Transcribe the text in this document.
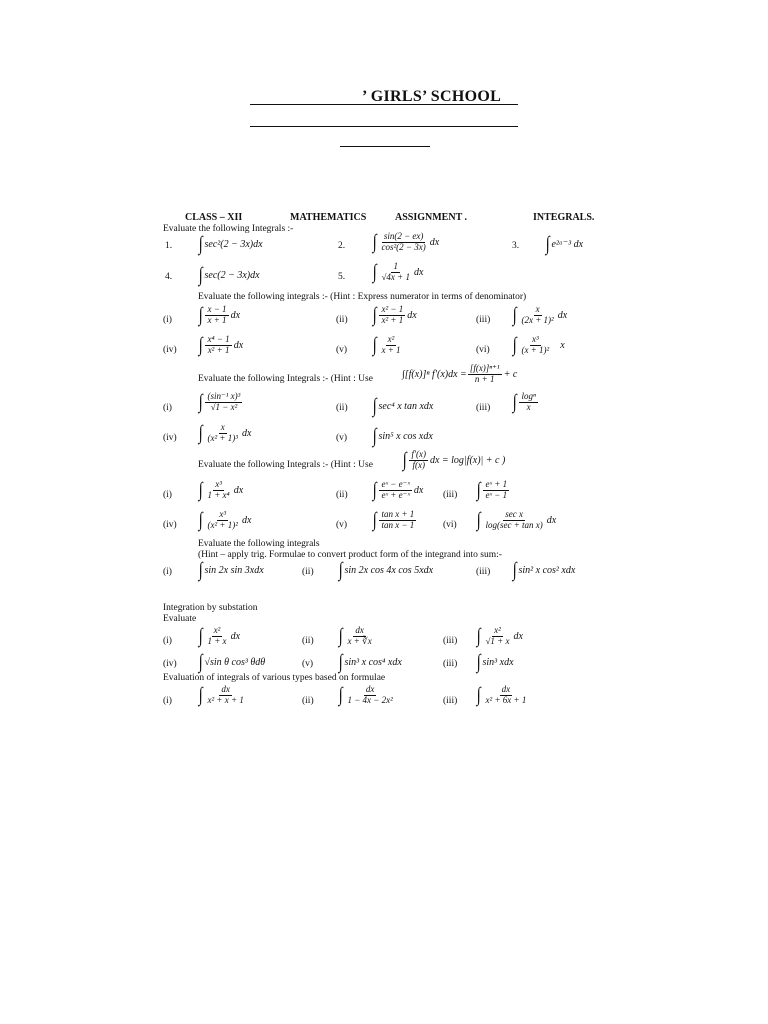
’ GIRLS’ SCHOOL
CLASS – XII	MATHEMATICS	ASSIGNMENT .	INTEGRALS.
Evaluate the following Integrals :-
1. ∫ sec²(2 − 3x)dx	2. ∫ $\frac{\sin(2 - ex)}{\text{cos²(2 − 3x)}}$ dx	3. ∫ e²ᵃ⁻³ dx
4. ∫ sec(2 − 3x)dx	5. ∫ $\frac{1}{√4x + 1}$ dx
Evaluate the following integrals :- (Hint : Express numerator in terms of denominator)
(i) ∫ $\frac{x - 1}{x + 1}$ dx	(ii) ∫ $\frac{\text{x² − 1}}{\text{x² + 1}}$ dx	(iii) ∫ $\frac{x}{\text{(2x + 1)²}}$ dx
(iv) ∫ $\frac{\text{x⁴ − 1}}{\text{x² + 1}}$ dx	(v) ∫ $\frac{\text{x²}}{x + 1}$	(vi) ∫ $\frac{\text{x³}}{\text{(x + 1)²}}$ x
Evaluate the following Integrals :- (Hint : Use	∫[f(x)]ⁿ $f'(x)dx = \frac{\text{[f(x)]ⁿ⁺¹}}{n + 1} + c$
(i) ∫ $\frac{\text{(sin⁻¹ x)³}}{\text{√1 − x²}}$	(ii) ∫ sec⁴ x tan xdx	(iii) ∫ $\frac{\text{logⁿ}}{x}$
(iv) ∫ $\frac{x}{\text{(x² + 1)³}}$ dx	(v) ∫ sin⁵ x cos xdx
Evaluate the following Integrals :- (Hint : Use ∫ $\frac{f'(x)}{f(x)}$ dx = log|f(x)| + c )
(i) ∫ $\frac{\text{x³}}{\text{1 + x⁴}}$ dx	(ii) ∫ $\frac{\text{eˣ − e⁻ˣ}}{\text{eˣ + e⁻ˣ}}$ dx (iii) ∫ $\frac{\text{eˣ + 1}}{\text{eˣ − 1}}$
(iv) ∫ $\frac{\text{x³}}{\text{(x² + 1)²}}$ dx	(v) ∫ $\frac{\text{tan x + 1}}{\text{tan x − 1}}$	(vi) ∫ $\frac{\text{sec x}}{\text{log(sec + tan x)}}$ dx
Evaluate the following integrals
(Hint – apply trig. Formulae to convert product form of the integrand into sum:-
(i) ∫ sin 2x sin 3xdx	(ii) ∫ sin 2x cos 4x cos 5xdx	(iii) ∫ sin² x cos² xdx
Integration by substation
Evaluate
(i) ∫ $\frac{\text{x²}}{1 + x}$ dx	(ii) ∫ $\frac{dx}{x + ∛x}$	(iii) ∫ $\frac{\text{x²}}{√1 + x}$ dx
(iv) ∫ √sin θ cos³ θdθ	(v) ∫ sin³ x cos⁴ xdx	(iii) ∫ sin³ xdx
Evaluation of integrals of various types based on formulae
(i) ∫ $\frac{dx}{\text{x² + x + 1}}$	(ii) ∫ $\frac{dx}{\text{1 − 4x − 2x²}}$	(iii) ∫ $\frac{dx}{\text{x² + 6x + 1}}$
